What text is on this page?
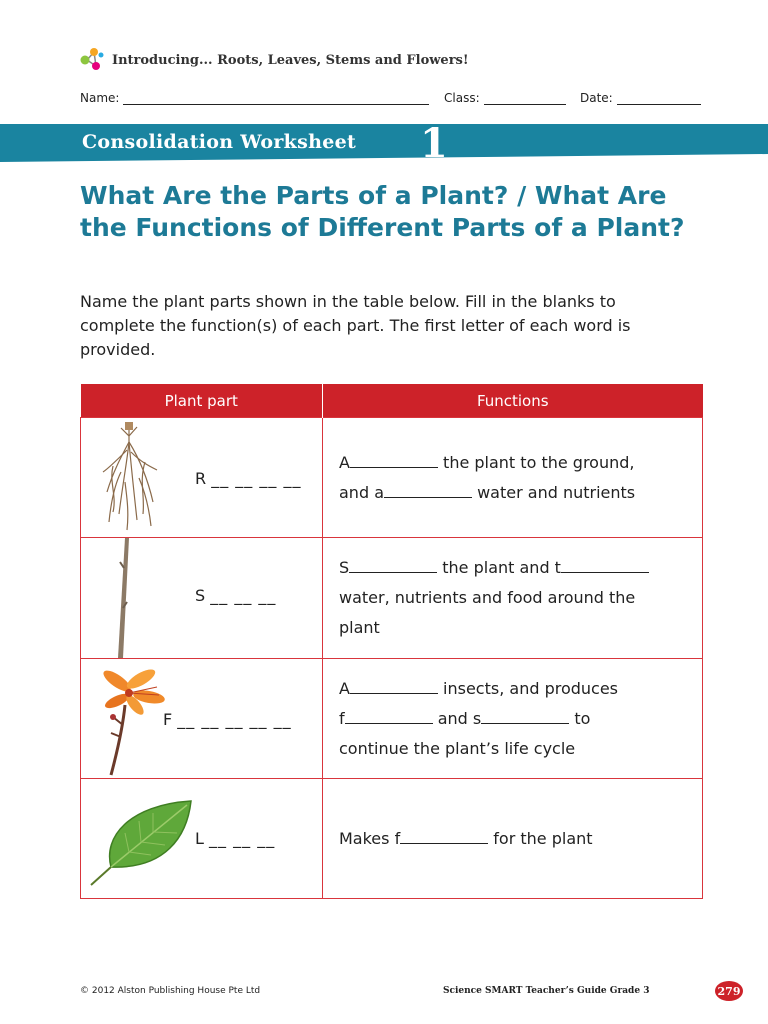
Introducing... Roots, Leaves, Stems and Flowers!
Name:	Class:	Date:
Consolidation Worksheet 1
What Are the Parts of a Plant? / What Are the Functions of Different Parts of a Plant?

Name the plant parts shown in the table below. Fill in the blanks to complete the function(s) of each part. The first letter of each word is provided.

Plant part	Functions

R __ __ __ __	A the plant to the ground,
and a water and nutrients

S __ __ __	S the plant and t
water, nutrients and food around the
plant

F __ __ __ __ __	A insects, and produces
f and s to
continue the plant’s life cycle

L __ __ __	Makes f for the plant
© 2012 Alston Publishing House Pte Ltd	Science SMART Teacher’s Guide Grade 3	279
